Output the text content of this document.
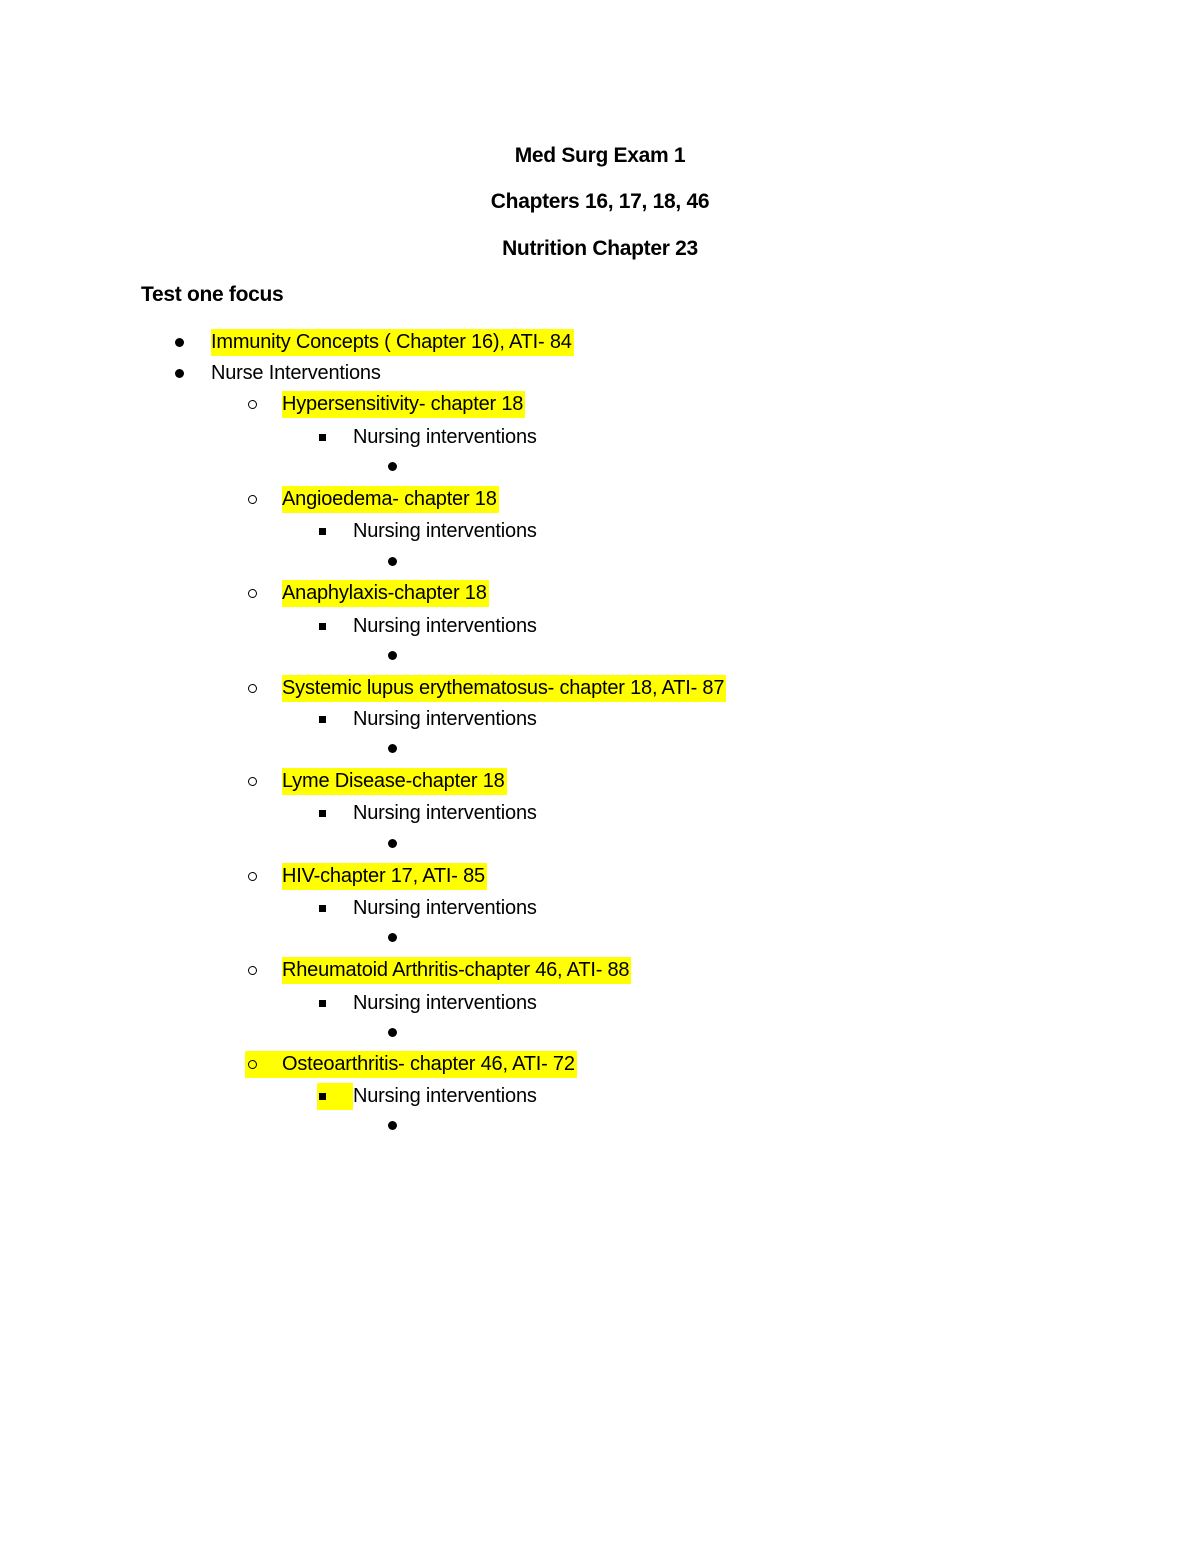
Med Surg Exam 1
Chapters 16, 17, 18, 46
Nutrition Chapter 23
Test one focus
Immunity Concepts ( Chapter 16), ATI- 84
Nurse Interventions
Hypersensitivity- chapter 18
Nursing interventions
Angioedema- chapter 18
Nursing interventions
Anaphylaxis-chapter 18
Nursing interventions
Systemic lupus erythematosus- chapter 18, ATI- 87
Nursing interventions
Lyme Disease-chapter 18
Nursing interventions
HIV-chapter 17, ATI- 85
Nursing interventions
Rheumatoid Arthritis-chapter 46, ATI- 88
Nursing interventions
Osteoarthritis- chapter 46, ATI- 72
Nursing interventions
